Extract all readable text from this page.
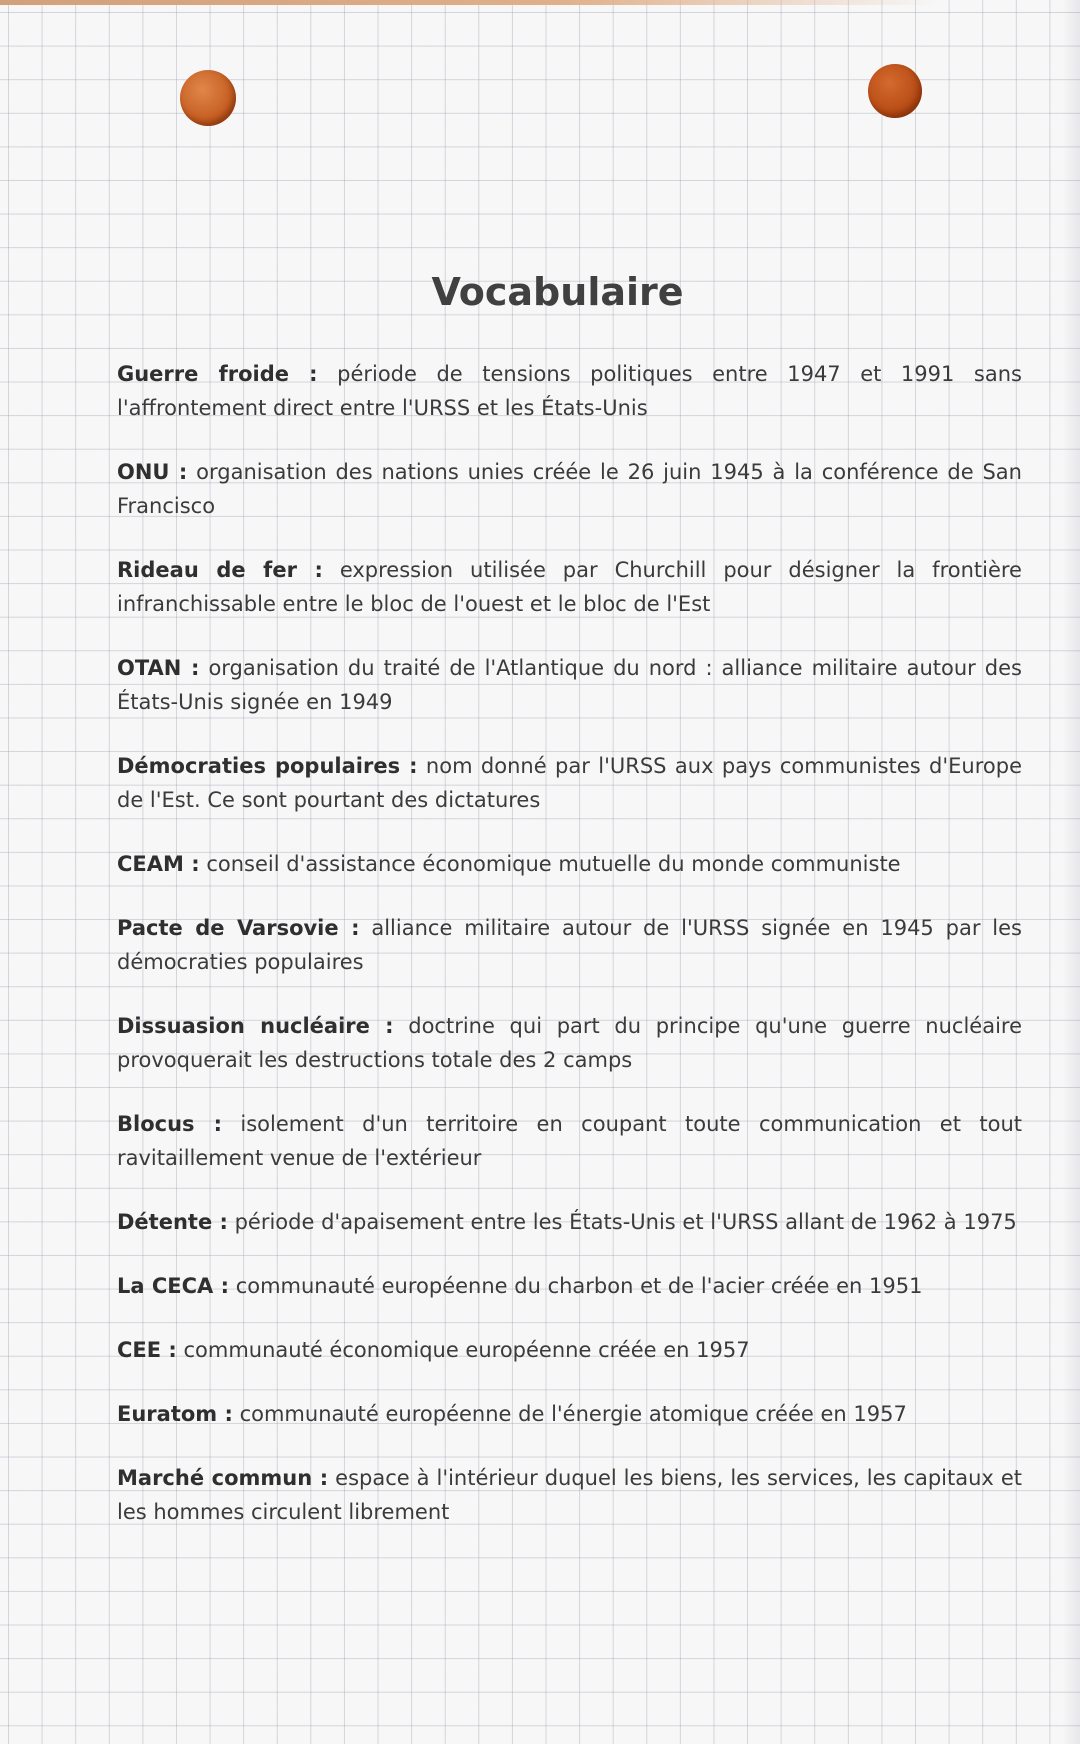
Vocabulaire

Guerre froide : période de tensions politiques entre 1947 et 1991 sans l'affrontement direct entre l'URSS et les États-Unis

ONU : organisation des nations unies créée le 26 juin 1945 à la conférence de San Francisco

Rideau de fer : expression utilisée par Churchill pour désigner la frontière infranchissable entre le bloc de l'ouest et le bloc de l'Est

OTAN : organisation du traité de l'Atlantique du nord : alliance militaire autour des États-Unis signée en 1949

Démocraties populaires : nom donné par l'URSS aux pays communistes d'Europe de l'Est. Ce sont pourtant des dictatures

CEAM : conseil d'assistance économique mutuelle du monde communiste

Pacte de Varsovie : alliance militaire autour de l'URSS signée en 1945 par les démocraties populaires

Dissuasion nucléaire : doctrine qui part du principe qu'une guerre nucléaire provoquerait les destructions totale des 2 camps

Blocus : isolement d'un territoire en coupant toute communication et tout ravitaillement venue de l'extérieur

Détente : période d'apaisement entre les États-Unis et l'URSS allant de 1962 à 1975

La CECA : communauté européenne du charbon et de l'acier créée en 1951

CEE : communauté économique européenne créée en 1957

Euratom : communauté européenne de l'énergie atomique créée en 1957

Marché commun : espace à l'intérieur duquel les biens, les services, les capitaux et les hommes circulent librement
